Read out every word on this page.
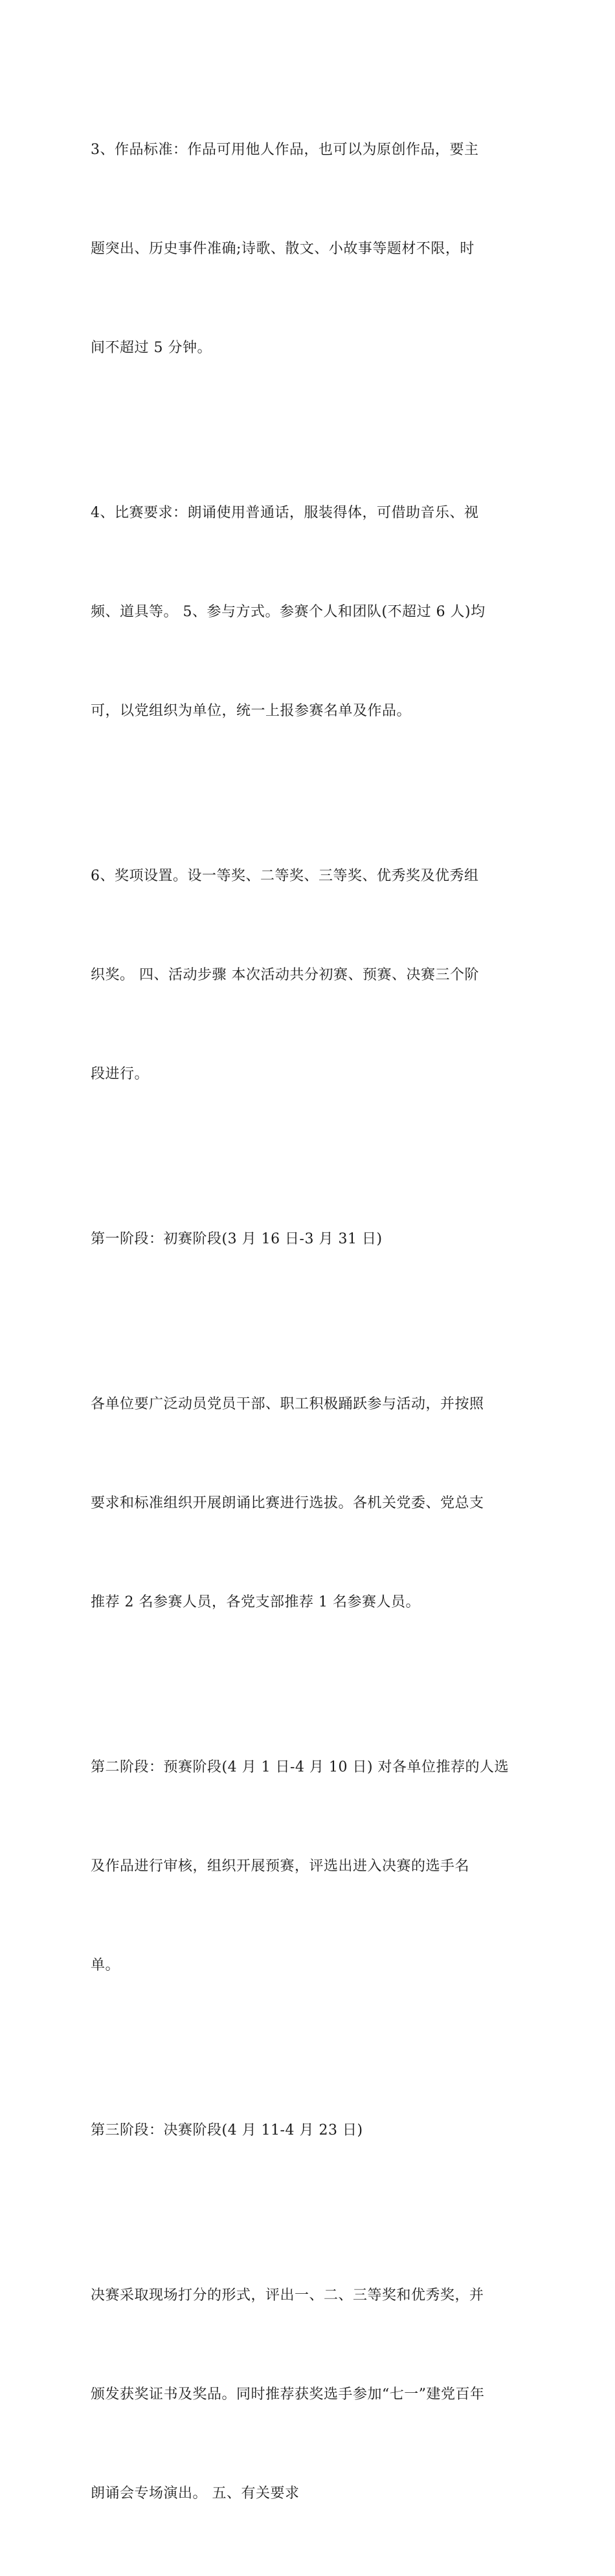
3、作品标准：作品可用他人作品，也可以为原创作品，要主

题突出、历史事件准确;诗歌、散文、小故事等题材不限，时

间不超过 5 分钟。

4、比赛要求：朗诵使用普通话，服装得体，可借助音乐、视

频、道具等。 5、参与方式。参赛个人和团队(不超过 6 人)均

可，以党组织为单位，统一上报参赛名单及作品。

6、奖项设置。设一等奖、二等奖、三等奖、优秀奖及优秀组

织奖。 四、活动步骤 本次活动共分初赛、预赛、决赛三个阶

段进行。

第一阶段：初赛阶段(3 月 16 日-3 月 31 日)

各单位要广泛动员党员干部、职工积极踊跃参与活动，并按照

要求和标准组织开展朗诵比赛进行选拔。各机关党委、党总支

推荐 2 名参赛人员，各党支部推荐 1 名参赛人员。

第二阶段：预赛阶段(4 月 1 日-4 月 10 日) 对各单位推荐的人选

及作品进行审核，组织开展预赛，评选出进入决赛的选手名

单。

第三阶段：决赛阶段(4 月 11-4 月 23 日)

决赛采取现场打分的形式，评出一、二、三等奖和优秀奖，并

颁发获奖证书及奖品。同时推荐获奖选手参加“七一”建党百年

朗诵会专场演出。 五、有关要求
